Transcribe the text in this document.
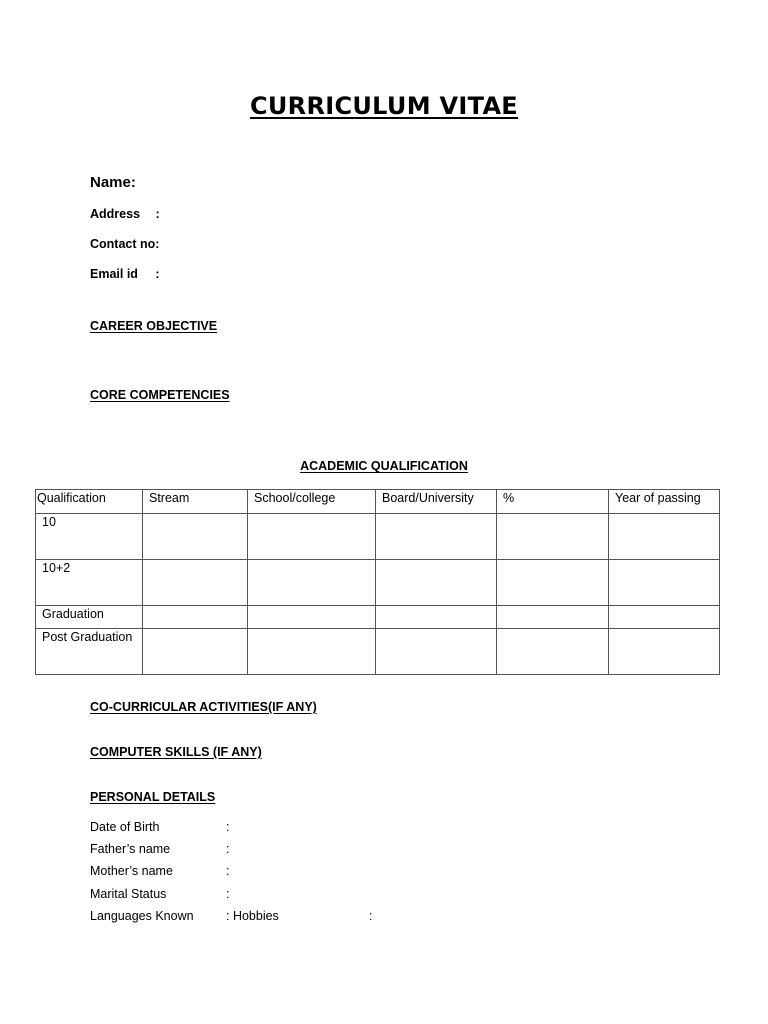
CURRICULUM VITAE
Name:
Address :
Contact no:
Email id :
CAREER OBJECTIVE
CORE COMPETENCIES
ACADEMIC QUALIFICATION
Qualification	Stream	School/college	Board/University	%	Year of passing
10					
10+2					
Graduation					
Post Graduation					
CO-CURRICULAR ACTIVITIES(IF ANY)
COMPUTER SKILLS (IF ANY)
PERSONAL DETAILS
Date of Birth	:
Father’s name	:
Mother’s name	:
Marital Status	:
Languages Known	: Hobbies	:
